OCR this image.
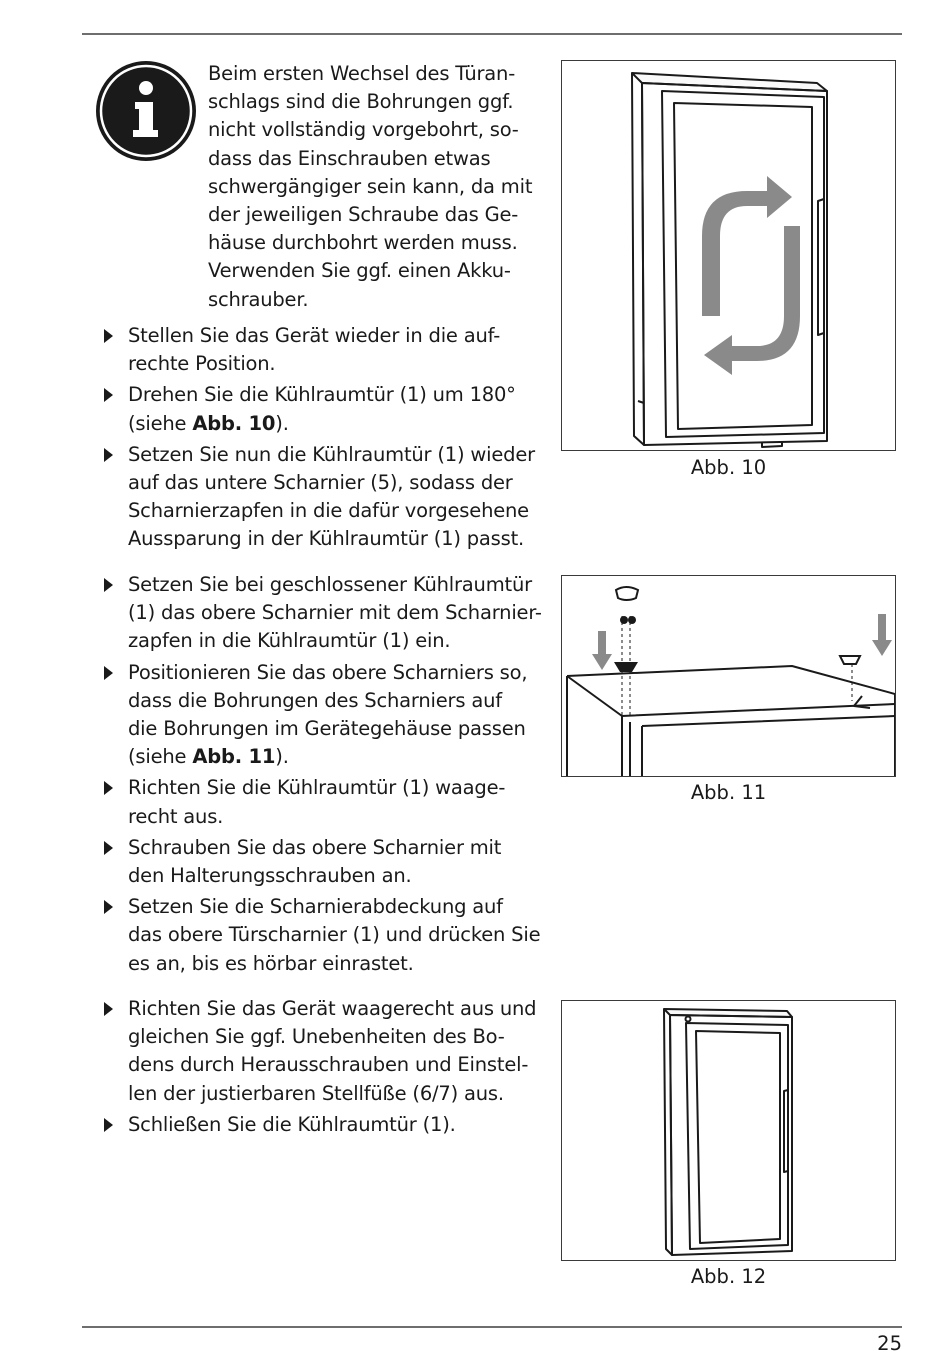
Beim ersten Wechsel des Türan-
schlags sind die Bohrungen ggf.
nicht vollständig vorgebohrt, so-
dass das Einschrauben etwas
schwergängiger sein kann, da mit
der jeweiligen Schraube das Ge-
häuse durchbohrt werden muss.
Verwenden Sie ggf. einen Akku-
schrauber.
Stellen Sie das Gerät wieder in die auf-
rechte Position.
Drehen Sie die Kühlraumtür (1) um 180°
(siehe Abb. 10).
Setzen Sie nun die Kühlraumtür (1) wieder
auf das untere Scharnier (5), sodass der
Scharnierzapfen in die dafür vorgesehene
Aussparung in der Kühlraumtür (1) passt.
Setzen Sie bei geschlossener Kühlraumtür
(1) das obere Scharnier mit dem Scharnier-
zapfen in die Kühlraumtür (1) ein.
Positionieren Sie das obere Scharniers so,
dass die Bohrungen des Scharniers auf
die Bohrungen im Gerätegehäuse passen
(siehe Abb. 11).
Richten Sie die Kühlraumtür (1) waage-
recht aus.
Schrauben Sie das obere Scharnier mit
den Halterungsschrauben an.
Setzen Sie die Scharnierabdeckung auf
das obere Türscharnier (1) und drücken Sie
es an, bis es hörbar einrastet.
Richten Sie das Gerät waagerecht aus und
gleichen Sie ggf. Unebenheiten des Bo-
dens durch Herausschrauben und Einstel-
len der justierbaren Stellfüße (6/7) aus.
Schließen Sie die Kühlraumtür (1).
Abb. 10
Abb. 11
Abb. 12
25
